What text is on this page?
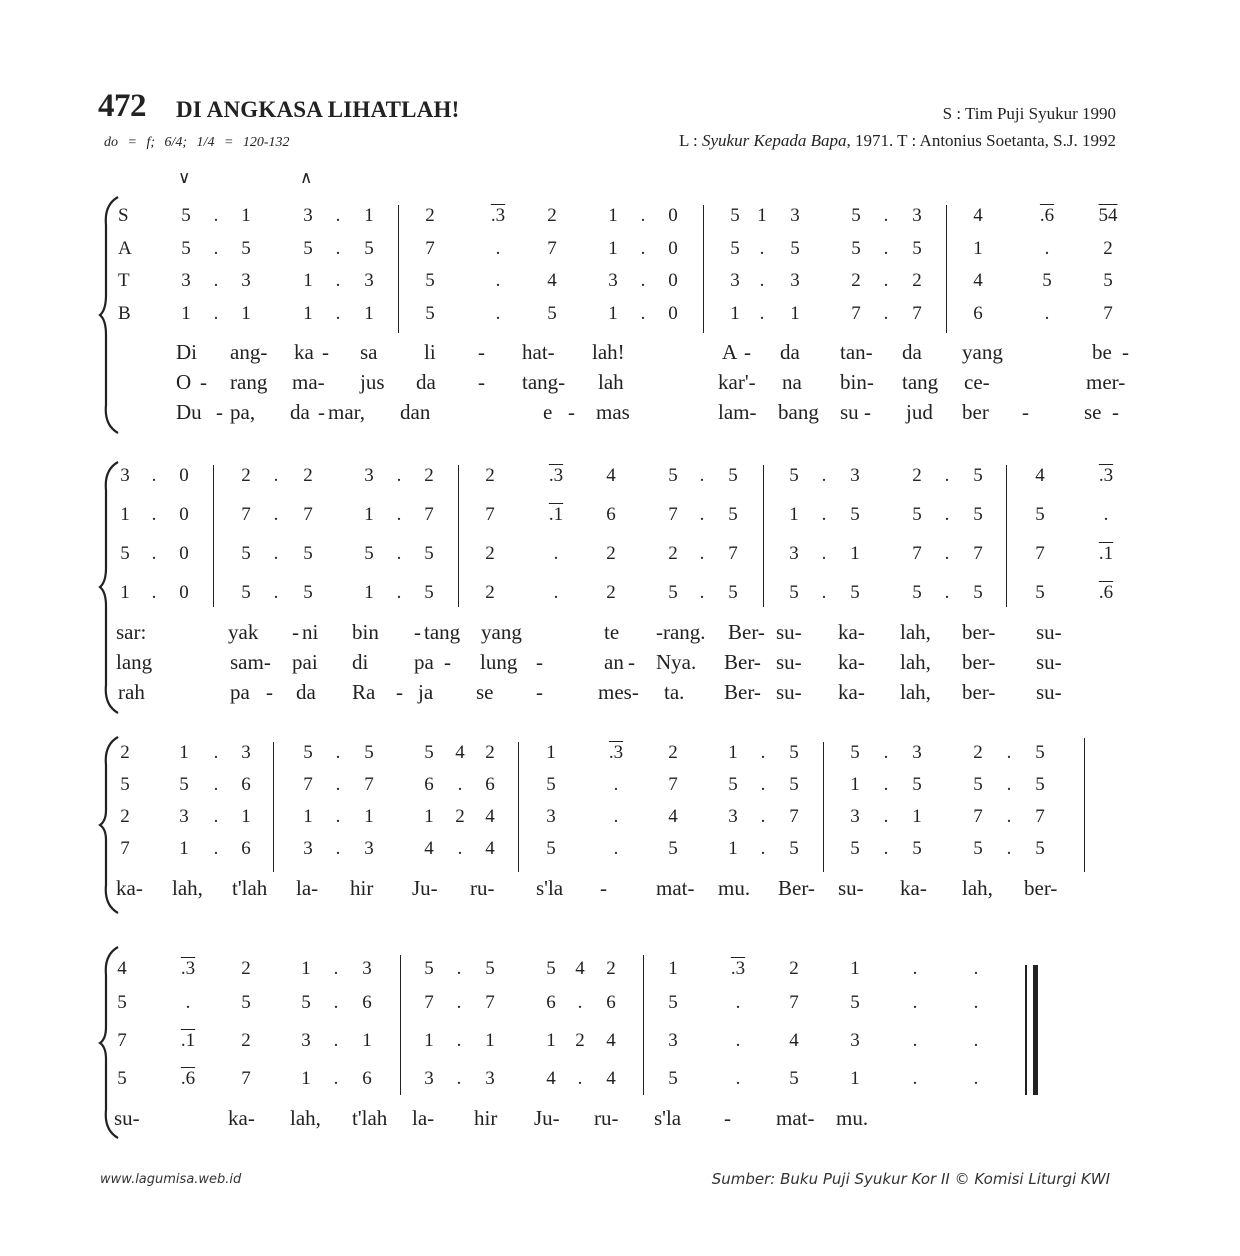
472 DI ANGKASA LIHATLAH!	S : Tim Puji Syukur 1990
L : Syukur Kepada Bapa, 1971. T : Antonius Soetanta, S.J. 1992
do = f; 6/4; 1/4 = 120-132
∨	∧
S
A
T
B
5	.	1	3	.	1	2	.3	2	1	.	0	5 1	3	5	.	3	4	.6 54
5	.	5	5	.	5	7	.	7	1	.	0	5	.	5	5	.	5	1	.	2
3	.	3	1	.	3	5	.	4	3	.	0	3	.	3	2	.	2	4	5	5
1	.	1	1	.	1	5	.	5	1	.	0	1	.	1	7	.	7	6	.	7
Di ang- ka - sa li - hat- lah!	A - da tan- da yang	be -
O - rang ma- jus da - tang- lah	kar'- na bin- tang ce-	mer-
Du - pa, da - mar, dan	e - mas	lam- bang su - jud ber -	se -
3	.	0	2	.	2	3	.	2	2	.3	4	5	.	5	5	.	3	2	.	5	4	.3
1	.	0	7	.	7	1	.	7	7	.1	6	7	.	5	1	.	5	5	.	5	5	.
5	.	0	5	.	5	5	.	5	2	.	2	2	.	7	3	.	1	7	.	7	7	.1
1	.	0	5	.	5	1	.	5	2	.	2	5	.	5	5	.	5	5	.	5	5	.6
sar:	yak - ni bin - tang yang	te -rang. Ber- su- ka- lah, ber- su-
lang	sam- pai di pa - lung -	an - Nya. Ber- su- ka- lah, ber- su-
rah	pa - da Ra - ja se -	mes- ta. Ber- su- ka- lah, ber- su-
2	1	.	3	5	.	5	5	4	2	1	.3	2	1	.	5	5	.	3	2	.	5
5	5	.	6	7	.	7	6	.	6	5	.	7	5	.	5	1	.	5	5	.	5
2	3	.	1	1	.	1	1	2	4	3	.	4	3	.	7	3	.	1	7	.	7
7	1	.	6	3	.	3	4	.	4	5	.	5	1	.	5	5	.	5	5	.	5
ka- lah, t'lah la- hir Ju- ru- s'la - mat- mu. Ber- su- ka- lah, ber-
4	.3	2	1	.	3	5	.	5	5	4	2	1	.3	2	1	.	.
5	.	5	5	.	6	7	.	7	6	.	6	5	.	7	5	.	.
7	.1	2	3	.	1	1	.	1	1	2	4	3	.	4	3	.	.
5	.6	7	1	.	6	3	.	3	4	.	4	5	.	5	1	.	.
su-	ka- lah, t'lah la- hir Ju- ru- s'la - mat- mu.
www.lagumisa.web.id	Sumber: Buku Puji Syukur Kor II © Komisi Liturgi KWI
